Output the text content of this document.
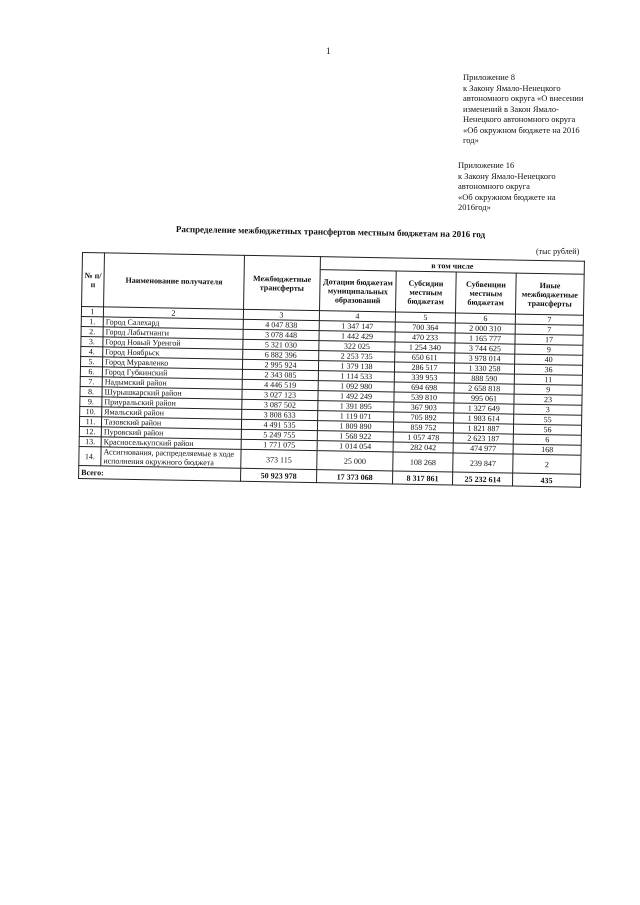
1
Приложение 8
к Закону Ямало-Ненецкого
автономного округа «О внесении
изменений в Закон Ямало-
Ненецкого автономного округа
«Об окружном бюджете на 2016
год»
Приложение 16
к Закону Ямало-Ненецкого
автономного округа
«Об окружном бюджете на
2016год»
Распределение межбюджетных трансфертов местным бюджетам на 2016 год
(тыс рублей)
№ п/п	Наименование получателя	Межбюджетные трансферты	в том числе			
			Дотации бюджетам муниципальных образований	Субсидии местным бюджетам	Субвенции местным бюджетам	Иные межбюджетные трансферты
1	2	3	4	5	6	7
1.	Город Салехард	4 047 838	1 347 147	700 364	2 000 310	7
2.	Город Лабытнанги	3 078 448	1 442 429	470 233	1 165 777	17
3.	Город Новый Уренгой	5 321 030	322 025	1 254 340	3 744 625	9
4.	Город Ноябрьск	6 882 396	2 253 735	650 611	3 978 014	40
5.	Город Муравленко	2 995 924	1 379 138	286 517	1 330 258	36
6.	Город Губкинский	2 343 085	1 114 533	339 953	888 590	11
7.	Надымский район	4 446 519	1 092 980	694 698	2 658 818	9
8.	Шурышкарский район	3 027 123	1 492 249	539 810	995 061	23
9.	Приуральский район	3 087 502	1 391 895	367 903	1 327 649	3
10.	Ямальский район	3 808 633	1 119 071	705 892	1 983 614	55
11.	Тазовский район	4 491 535	1 809 890	859 752	1 821 887	56
12.	Пуровский район	5 249 755	1 568 922	1 057 478	2 623 187	6
13.	Красноселькупский район	1 771 075	1 014 054	282 042	474 977	168
14.	Ассигнования, распределяемые в ходе исполнения окружного бюджета	373 115	25 000	108 268	239 847	2
Всего:		50 923 978	17 373 068	8 317 861	25 232 614	435
